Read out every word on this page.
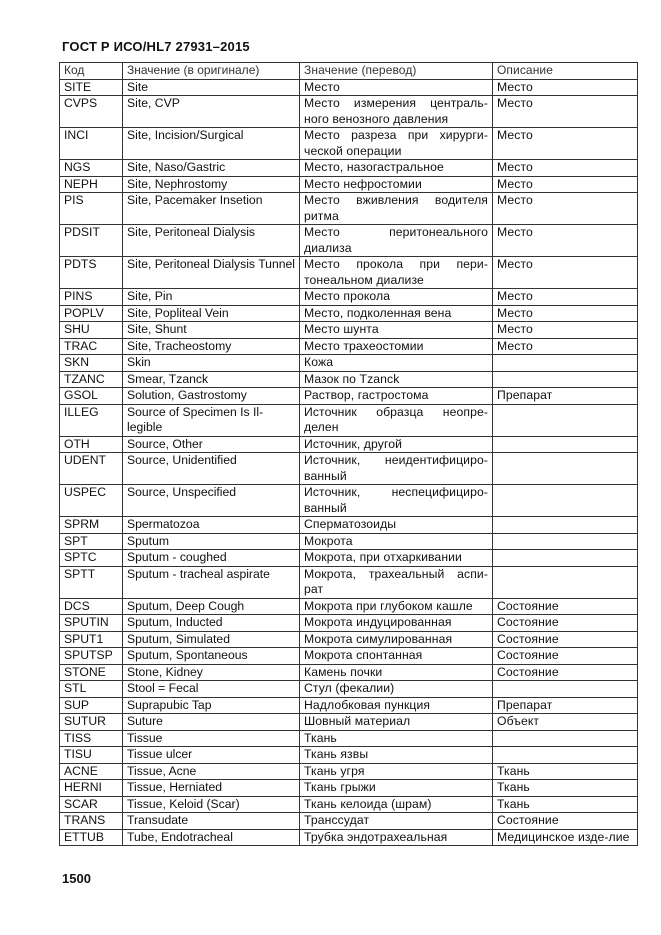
ГОСТ Р ИСО/HL7 27931–2015
Код	Значение (в оригинале)	Значение (перевод)	Описание
SITE	Site	Место	Место
CVPS	Site, CVP	Место измерения централь-ного венозного давления	Место
INCI	Site, Incision/Surgical	Место разреза при хирурги-ческой операции	Место
NGS	Site, Naso/Gastric	Место, назогастральное	Место
NEPH	Site, Nephrostomy	Место нефростомии	Место
PIS	Site, Pacemaker Insetion	Место вживления водителя ритма	Место
PDSIT	Site, Peritoneal Dialysis	Место перитонеального диализа	Место
PDTS	Site, Peritoneal Dialysis Tunnel	Место прокола при пери-тонеальном диализе	Место
PINS	Site, Pin	Место прокола	Место
POPLV	Site, Popliteal Vein	Место, подколенная вена	Место
SHU	Site, Shunt	Место шунта	Место
TRAC	Site, Tracheostomy	Место трахеостомии	Место
SKN	Skin	Кожа	
TZANC	Smear, Tzanck	Мазок по Tzanck	
GSOL	Solution, Gastrostomy	Раствор, гастростома	Препарат
ILLEG	Source of Specimen Is Il-legible	Источник образца неопре-делен	
OTH	Source, Other	Источник, другой	
UDENT	Source, Unidentified	Источник, неидентифициро-ванный	
USPEC	Source, Unspecified	Источник, неспецифициро-ванный	
SPRM	Spermatozoa	Сперматозоиды	
SPT	Sputum	Мокрота	
SPTC	Sputum - coughed	Мокрота, при отхаркивании	
SPTT	Sputum - tracheal aspirate	Мокрота, трахеальный аспи-рат	
DCS	Sputum, Deep Cough	Мокрота при глубоком кашле	Состояние
SPUTIN	Sputum, Inducted	Мокрота индуцированная	Состояние
SPUT1	Sputum, Simulated	Мокрота симулированная	Состояние
SPUTSP	Sputum, Spontaneous	Мокрота спонтанная	Состояние
STONE	Stone, Kidney	Камень почки	Состояние
STL	Stool = Fecal	Стул (фекалии)	
SUP	Suprapubic Tap	Надлобковая пункция	Препарат
SUTUR	Suture	Шовный материал	Объект
TISS	Tissue	Ткань	
TISU	Tissue ulcer	Ткань язвы	
ACNE	Tissue, Acne	Ткань угря	Ткань
HERNI	Tissue, Herniated	Ткань грыжи	Ткань
SCAR	Tissue, Keloid (Scar)	Ткань келоида (шрам)	Ткань
TRANS	Transudate	Транссудат	Состояние
ETTUB	Tube, Endotracheal	Трубка эндотрахеальная	Медицинское изде-лие
1500
